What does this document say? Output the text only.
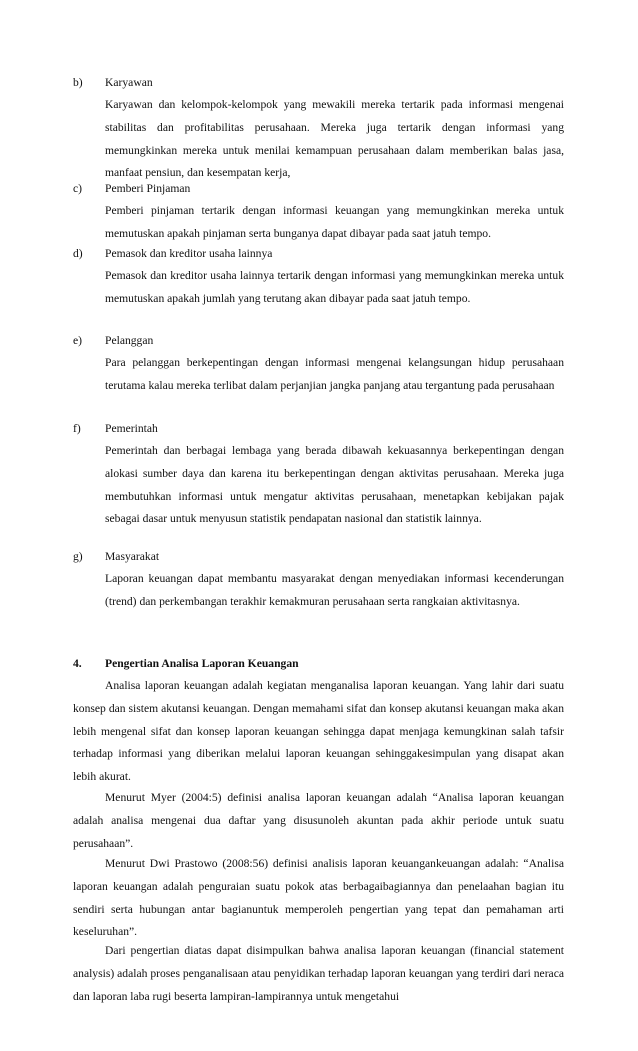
b) Karyawan
Karyawan dan kelompok-kelompok yang mewakili mereka tertarik pada informasi mengenai stabilitas dan profitabilitas perusahaan. Mereka juga tertarik dengan informasi yang memungkinkan mereka untuk menilai kemampuan perusahaan dalam memberikan balas jasa, manfaat pensiun, dan kesempatan kerja,
c) Pemberi Pinjaman
Pemberi pinjaman tertarik dengan informasi keuangan yang memungkinkan mereka untuk memutuskan apakah pinjaman serta bunganya dapat dibayar pada saat jatuh tempo.
d) Pemasok dan kreditor usaha lainnya
Pemasok dan kreditor usaha lainnya tertarik dengan informasi yang memungkinkan mereka untuk memutuskan apakah jumlah yang terutang akan dibayar pada saat jatuh tempo.
e) Pelanggan
Para pelanggan berkepentingan dengan informasi mengenai kelangsungan hidup perusahaan terutama kalau mereka terlibat dalam perjanjian jangka panjang atau tergantung pada perusahaan
f) Pemerintah
Pemerintah dan berbagai lembaga yang berada dibawah kekuasannya berkepentingan dengan alokasi sumber daya dan karena itu berkepentingan dengan aktivitas perusahaan. Mereka juga membutuhkan informasi untuk mengatur aktivitas perusahaan, menetapkan kebijakan pajak sebagai dasar untuk menyusun statistik pendapatan nasional dan statistik lainnya.
g) Masyarakat
Laporan keuangan dapat membantu masyarakat dengan menyediakan informasi kecenderungan (trend) dan perkembangan terakhir kemakmuran perusahaan serta rangkaian aktivitasnya.
4. Pengertian Analisa Laporan Keuangan

Analisa laporan keuangan adalah kegiatan menganalisa laporan keuangan. Yang lahir dari suatu konsep dan sistem akutansi keuangan. Dengan memahami sifat dan konsep akutansi keuangan maka akan lebih mengenal sifat dan konsep laporan keuangan sehingga dapat menjaga kemungkinan salah tafsir terhadap informasi yang diberikan melalui laporan keuangan sehinggakesimpulan yang disapat akan lebih akurat.

Menurut Myer (2004:5) definisi analisa laporan keuangan adalah “Analisa laporan keuangan adalah analisa mengenai dua daftar yang disusunoleh akuntan pada akhir periode untuk suatu perusahaan”.

Menurut Dwi Prastowo (2008:56) definisi analisis laporan keuangankeuangan adalah: “Analisa laporan keuangan adalah penguraian suatu pokok atas berbagaibagiannya dan penelaahan bagian itu sendiri serta hubungan antar bagianuntuk memperoleh pengertian yang tepat dan pemahaman arti keseluruhan”.

Dari pengertian diatas dapat disimpulkan bahwa analisa laporan keuangan (financial statement analysis) adalah proses penganalisaan atau penyidikan terhadap laporan keuangan yang terdiri dari neraca dan laporan laba rugi beserta lampiran-lampirannya untuk mengetahui
